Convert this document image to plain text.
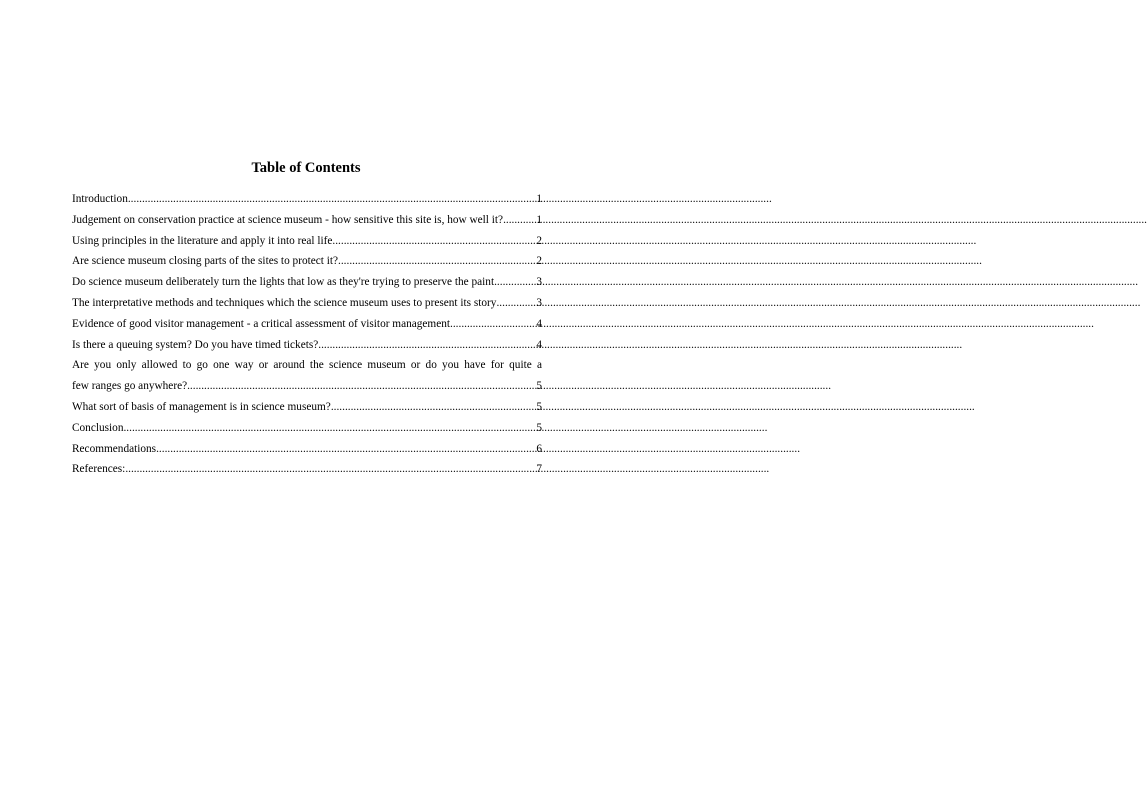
Table of Contents
Introduction .....	1
Judgement on conservation practice at science museum - how sensitive this site is, how well it? .....	1
Using principles in the literature and apply it into real life .....	2
Are science museum closing parts of the sites to protect it? .....	2
Do science museum deliberately turn the lights that low as they're trying to preserve the paint .....	3
The interpretative methods and techniques which the science museum uses to present its story .....	3
Evidence of good visitor management - a critical assessment of visitor management .....	4
Is there a queuing system? Do you have timed tickets? .....	4
Are you only allowed to go one way or around the science museum or do you have for quite a
few ranges go anywhere? .....	5
What sort of basis of management is in science museum? .....	5
Conclusion .....	5
Recommendations .....	6
References: .....	7
